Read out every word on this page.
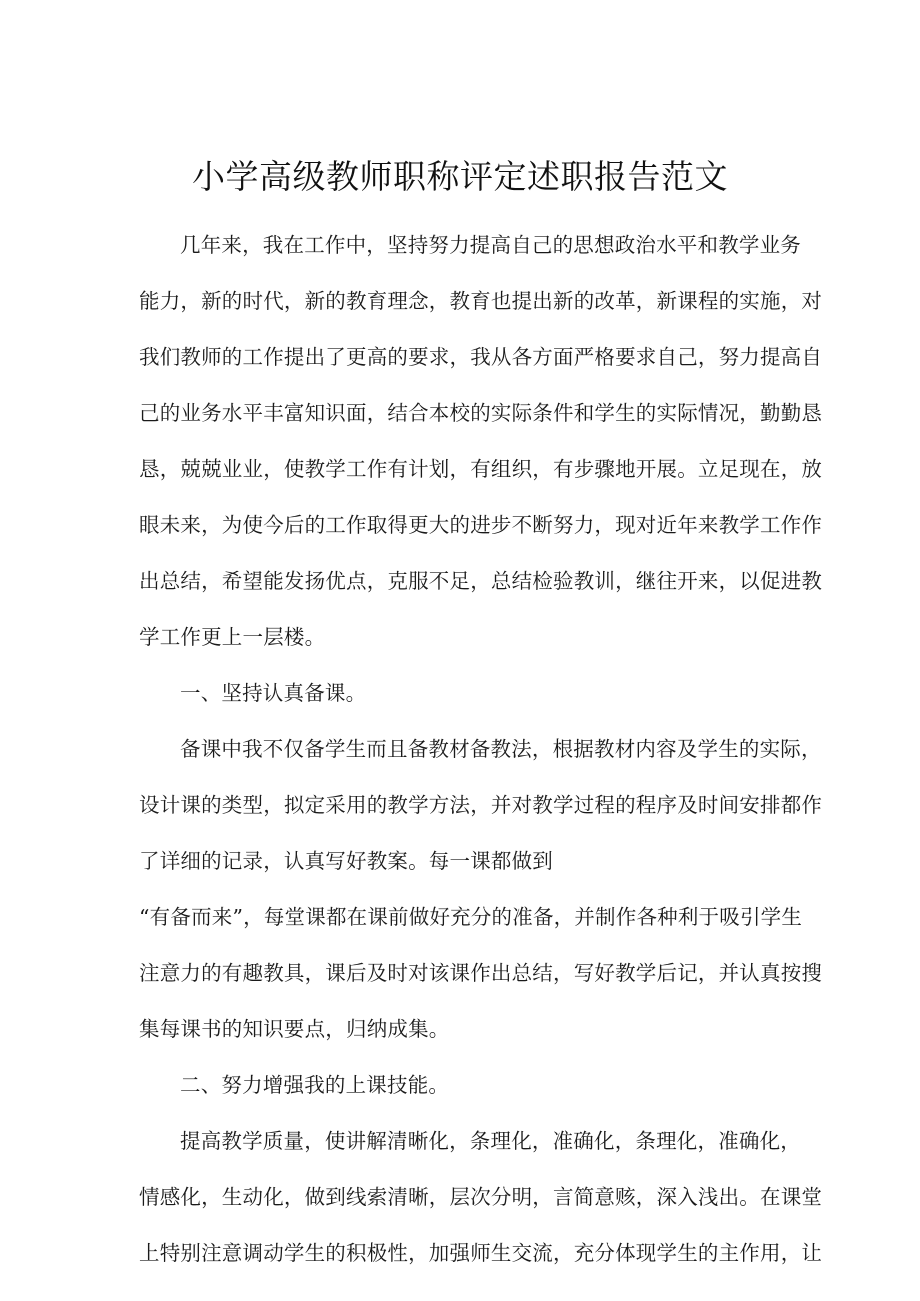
小学高级教师职称评定述职报告范文
几年来，我在工作中，坚持努力提高自己的思想政治水平和教学业务
能力，新的时代，新的教育理念，教育也提出新的改革，新课程的实施，对
我们教师的工作提出了更高的要求，我从各方面严格要求自己，努力提高自
己的业务水平丰富知识面，结合本校的实际条件和学生的实际情况，勤勤恳
恳，兢兢业业，使教学工作有计划，有组织，有步骤地开展。立足现在，放
眼未来，为使今后的工作取得更大的进步不断努力，现对近年来教学工作作
出总结，希望能发扬优点，克服不足，总结检验教训，继往开来，以促进教
学工作更上一层楼。
一、坚持认真备课。
备课中我不仅备学生而且备教材备教法，根据教材内容及学生的实际，
设计课的类型，拟定采用的教学方法，并对教学过程的程序及时间安排都作
了详细的记录，认真写好教案。每一课都做到
“有备而来”，每堂课都在课前做好充分的准备，并制作各种利于吸引学生
注意力的有趣教具，课后及时对该课作出总结，写好教学后记，并认真按搜
集每课书的知识要点，归纳成集。
二、努力增强我的上课技能。
提高教学质量，使讲解清晰化，条理化，准确化，条理化，准确化，
情感化，生动化，做到线索清晰，层次分明，言简意赅，深入浅出。在课堂
上特别注意调动学生的积极性，加强师生交流，充分体现学生的主作用，让
